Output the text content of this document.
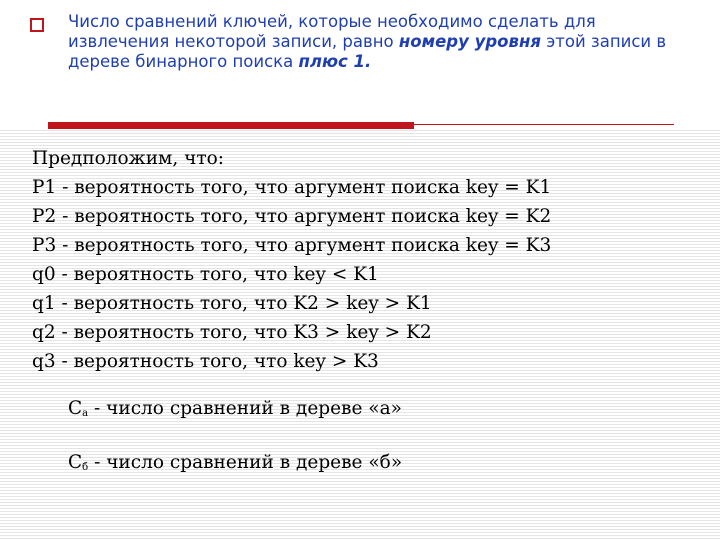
Число сравнений ключей, которые необходимо сделать для извлечения некоторой записи, равно номеру уровня этой записи в дереве бинарного поиска плюс 1.
Предположим, что:
P1 - вероятность того, что аргумент поиска key = K1
P2 - вероятность того, что аргумент поиска key = K2
P3 - вероятность того, что аргумент поиска key = K3
q0 - вероятность того, что key < K1
q1 - вероятность того, что K2 > key > K1
q2 - вероятность того, что K3 > key > K2
q3 - вероятность того, что key > K3
$C_а$ - число сравнений в дереве «а»
$C_б$ - число сравнений в дереве «б»
